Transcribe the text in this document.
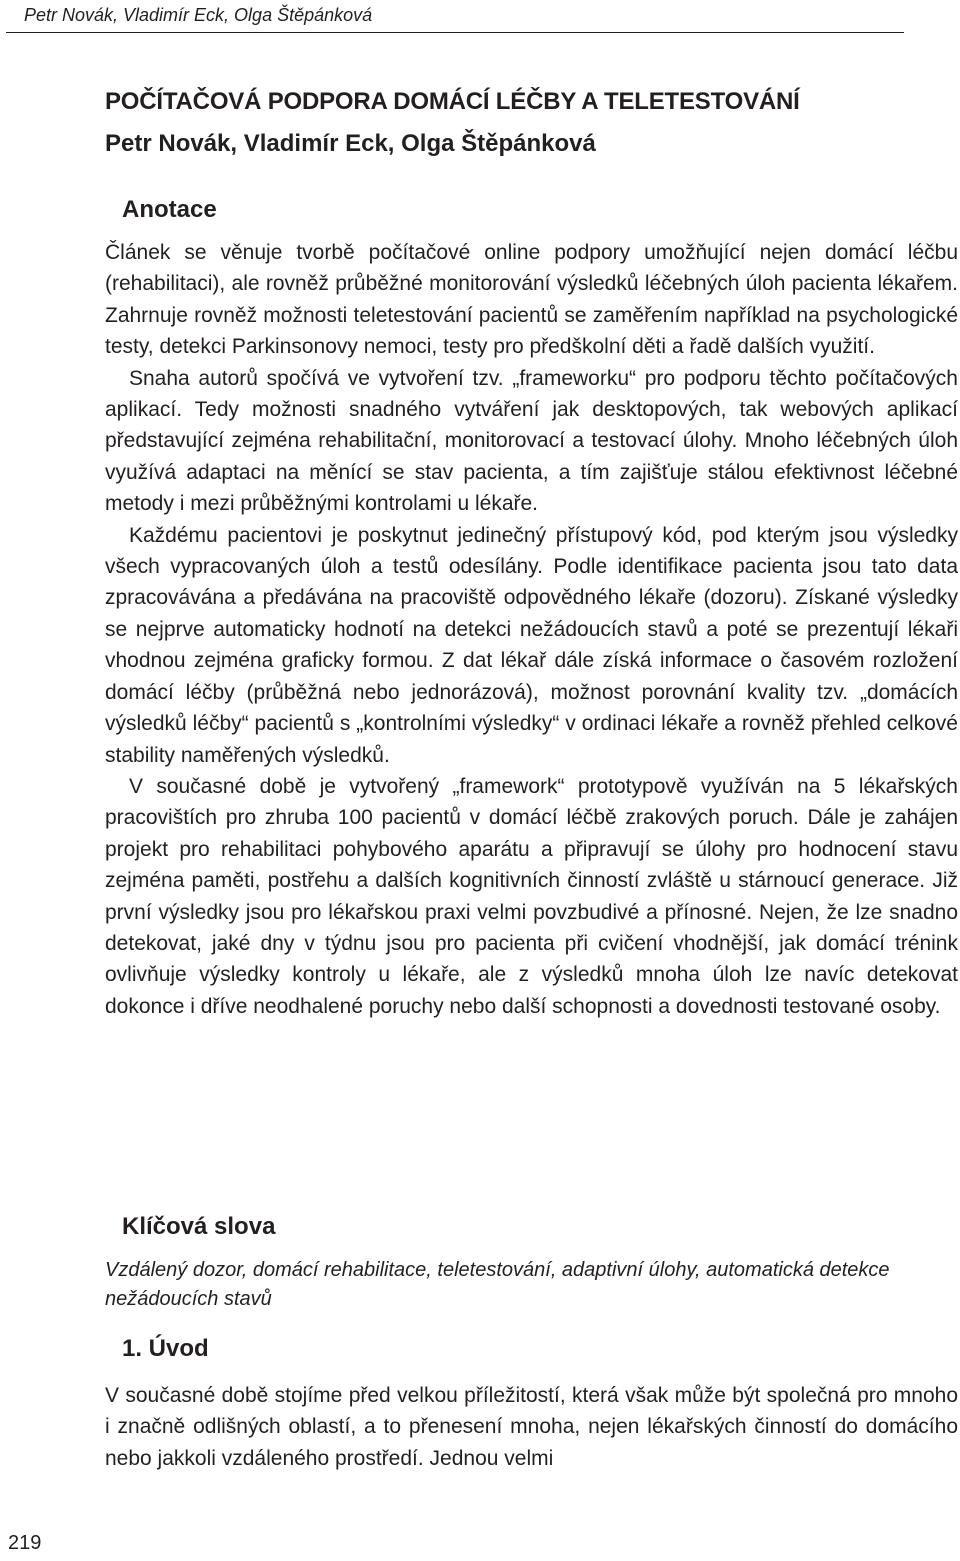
Petr Novák, Vladimír Eck, Olga Štěpánková
POČÍTAČOVÁ PODPORA DOMÁCÍ LÉČBY A TELETESTOVÁNÍ
Petr Novák, Vladimír Eck, Olga Štěpánková
Anotace

Článek se věnuje tvorbě počítačové online podpory umožňující nejen domácí léčbu (rehabilitaci), ale rovněž průběžné monitorování výsledků léčebných úloh pacienta lékařem. Zahrnuje rovněž možnosti teletestování pacientů se zaměřením například na psychologické testy, detekci Parkinsonovy nemoci, testy pro předškolní děti a řadě dalších využití.

Snaha autorů spočívá ve vytvoření tzv. „frameworku“ pro podporu těchto počítačových aplikací. Tedy možnosti snadného vytváření jak desktopových, tak webových aplikací představující zejména rehabilitační, monitorovací a testovací úlohy. Mnoho léčebných úloh využívá adaptaci na měnící se stav pacienta, a tím zajišťuje stálou efektivnost léčebné metody i mezi průběžnými kontrolami u lékaře.

Každému pacientovi je poskytnut jedinečný přístupový kód, pod kterým jsou výsledky všech vypracovaných úloh a testů odesílány. Podle identifikace pacienta jsou tato data zpracovávána a předávána na pracoviště odpovědného lékaře (dozoru). Získané výsledky se nejprve automaticky hodnotí na detekci nežádoucích stavů a poté se prezentují lékaři vhodnou zejména graficky formou. Z dat lékař dále získá informace o časovém rozložení domácí léčby (průběžná nebo jednorázová), možnost porovnání kvality tzv. „domácích výsledků léčby“ pacientů s „kontrolními výsledky“ v ordinaci lékaře a rovněž přehled celkové stability naměřených výsledků.

V současné době je vytvořený „framework“ prototypově využíván na 5 lékařských pracovištích pro zhruba 100 pacientů v domácí léčbě zrakových poruch. Dále je zahájen projekt pro rehabilitaci pohybového aparátu a připravují se úlohy pro hodnocení stavu zejména paměti, postřehu a dalších kognitivních činností zvláště u stárnoucí generace. Již první výsledky jsou pro lékařskou praxi velmi povzbudivé a přínosné. Nejen, že lze snadno detekovat, jaké dny v týdnu jsou pro pacienta při cvičení vhodnější, jak domácí trénink ovlivňuje výsledky kontroly u lékaře, ale z výsledků mnoha úloh lze navíc detekovat dokonce i dříve neodhalené poruchy nebo další schopnosti a dovednosti testované osoby.

Klíčová slova

Vzdálený dozor, domácí rehabilitace, teletestování, adaptivní úlohy, automatická detekce nežádoucích stavů

1. Úvod

V současné době stojíme před velkou příležitostí, která však může být společná pro mnoho i značně odlišných oblastí, a to přenesení mnoha, nejen lékařských činností do domácího nebo jakkoli vzdáleného prostředí. Jednou velmi

219
